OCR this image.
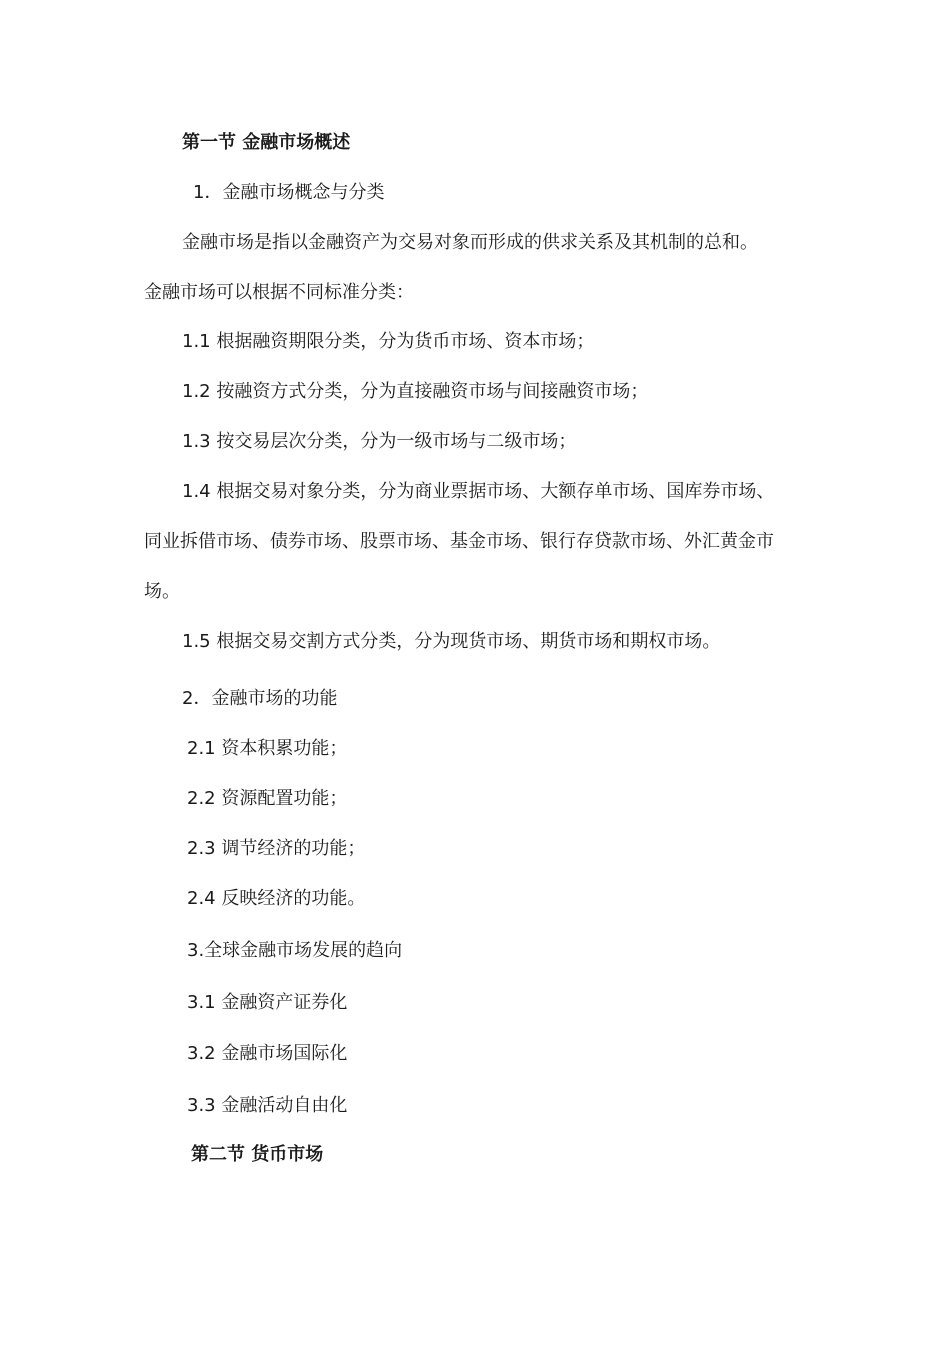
第一节 金融市场概述
1．金融市场概念与分类
金融市场是指以金融资产为交易对象而形成的供求关系及其机制的总和。
金融市场可以根据不同标准分类：
1.1 根据融资期限分类，分为货币市场、资本市场；
1.2 按融资方式分类，分为直接融资市场与间接融资市场；
1.3 按交易层次分类，分为一级市场与二级市场；
1.4 根据交易对象分类，分为商业票据市场、大额存单市场、国库券市场、
同业拆借市场、债券市场、股票市场、基金市场、银行存贷款市场、外汇黄金市
场。
1.5 根据交易交割方式分类，分为现货市场、期货市场和期权市场。
2．金融市场的功能
2.1 资本积累功能；
2.2 资源配置功能；
2.3 调节经济的功能；
2.4 反映经济的功能。
3.全球金融市场发展的趋向
3.1 金融资产证券化
3.2 金融市场国际化
3.3 金融活动自由化
第二节 货币市场
